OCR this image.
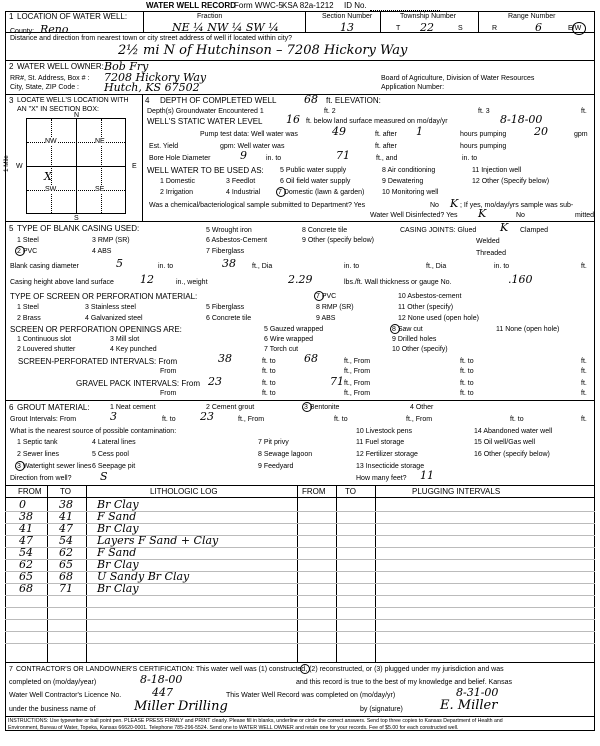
WATER WELL RECORD
Form WWC-5 KSA 82a-1212 ID No.
1 LOCATION OF WATER WELL:
County: Reno
Fraction
NE ¼ NW ¼ SW ¼
Section Number
13
Township Number
T 22	S
Range Number
R	6	E/W
Distance and direction from nearest town or city street address of well if located within city?
2½ mi N of Hutchinson – 7208 Hickory Way
2 WATER WELL OWNER: Bob Fry
RR#, St. Address, Box # : 7208 Hickory Way
City, State, ZIP Code : Hutch, KS 67502
Board of Agriculture, Division of Water Resources
Application Number:
3 LOCATE WELL'S LOCATION WITH
AN "X" IN SECTION BOX:
NW	NE
SW	SE
X
N
S
W	E
1 Mile
4 DEPTH OF COMPLETED WELL	68 ft. ELEVATION:
Depth(s) Groundwater Encountered 1	ft. 2	ft. 3	ft.
WELL'S STATIC WATER LEVEL 16 ft. below land surface measured on mo/day/yr	8-18-00
Pump test data: Well water was	49	ft. after 1	hours pumping	20	gpm
Est. Yield	gpm: Well water was	ft. after	hours pumping
Bore Hole Diameter	9	in. to	71	ft., and	in. to
WELL WATER TO BE USED AS:
1 Domestic	3 Feedlot
5 Public water supply	8 Air conditioning	11 Injection well
2 Irrigation	4 Industrial	7 Domestic (lawn & garden)	10 Monitoring well
6 Oil field water supply	9 Dewatering	12 Other (Specify below)
Was a chemical/bacteriological sample submitted to Department? Yes	No K ; If yes, mo/day/yrs sample was sub-
mitted
Water Well Disinfected? Yes K	No
5 TYPE OF BLANK CASING USED:
1 Steel
2 PVC
3 RMP (SR)
4 ABS
5 Wrought iron
6 Asbestos-Cement
7 Fiberglass
8 Concrete tile
9 Other (specify below)
CASING JOINTS: Glued K Clamped
Welded
Threaded
Blank casing diameter	5	in. to	38 ft., Dia	in. to	ft., Dia	in. to	ft.
Casing height above land surface 12	in., weight	2.29	lbs./ft. Wall thickness or gauge No.	.160
TYPE OF SCREEN OR PERFORATION MATERIAL:
1 Steel	3 Stainless steel	5 Fiberglass
7 PVC	10 Asbestos-cement
2 Brass	4 Galvanized steel	6 Concrete tile
8 RMP (SR)	11 Other (specify)
9 ABS	12 None used (open hole)
SCREEN OR PERFORATION OPENINGS ARE:	5 Gauzed wrapped	8 Saw cut	11 None (open hole)
1 Continuous slot	3 Mill slot	6 Wire wrapped	9 Drilled holes
2 Louvered shutter	4 Key punched	7 Torch cut	10 Other (specify)
SCREEN-PERFORATED INTERVALS: From	38	ft. to	68	ft., From	ft. to	ft.
From	ft. to	ft., From	ft. to	ft.
GRAVEL PACK INTERVALS: From 23	ft. to	71 ft., From	ft. to	ft.
From	ft. to	ft., From	ft. to	ft.
6 GROUT MATERIAL:	1 Neat cement	2 Cement grout	3 Bentonite	4 Other
Grout Intervals: From	3	ft. to 23	ft., From	ft. to	ft., From	ft. to	ft.
What is the nearest source of possible contamination:
1 Septic tank	4 Lateral lines	7 Pit privy
10 Livestock pens	14 Abandoned water well
2 Sewer lines	5 Cess pool	8 Sewage lagoon
11 Fuel storage	15 Oil well/Gas well
3 Watertight sewer lines 6 Seepage pit	9 Feedyard
12 Fertilizer storage	16 Other (specify below)
13 Insecticide storage
Direction from well?	S	How many feet? 11
FROM TO	LITHOLOGIC LOG	FROM TO	PLUGGING INTERVALS
0	38 Br Clay
38 41 F Sand
41 47 Br Clay
47 54 Layers F Sand + Clay
54 62 F Sand
62 65 Br Clay
65 68 U Sandy Br Clay
68 71 Br Clay
7 CONTRACTOR'S OR LANDOWNER'S CERTIFICATION: This water well was (1) constructed, (2) reconstructed, or (3) plugged under my jurisdiction and was
completed on (mo/day/year)	8-18-00	and this record is true to the best of my knowledge and belief. Kansas
Water Well Contractor's Licence No.	447	This Water Well Record was completed on (mo/day/yr)	8-31-00
under the business name of	Miller Drilling	by (signature)	E. Miller
INSTRUCTIONS: Use typewriter or ball point pen. PLEASE PRESS FIRMLY and PRINT clearly. Please fill in blanks, underline or circle the correct answers. Send top three copies to Kansas Department of Health and
Environment, Bureau of Water, Topeka, Kansas 66620-0001. Telephone 785-296-5524. Send one to WATER WELL OWNER and retain one for your records. Fee of $5.00 for each constructed well.
